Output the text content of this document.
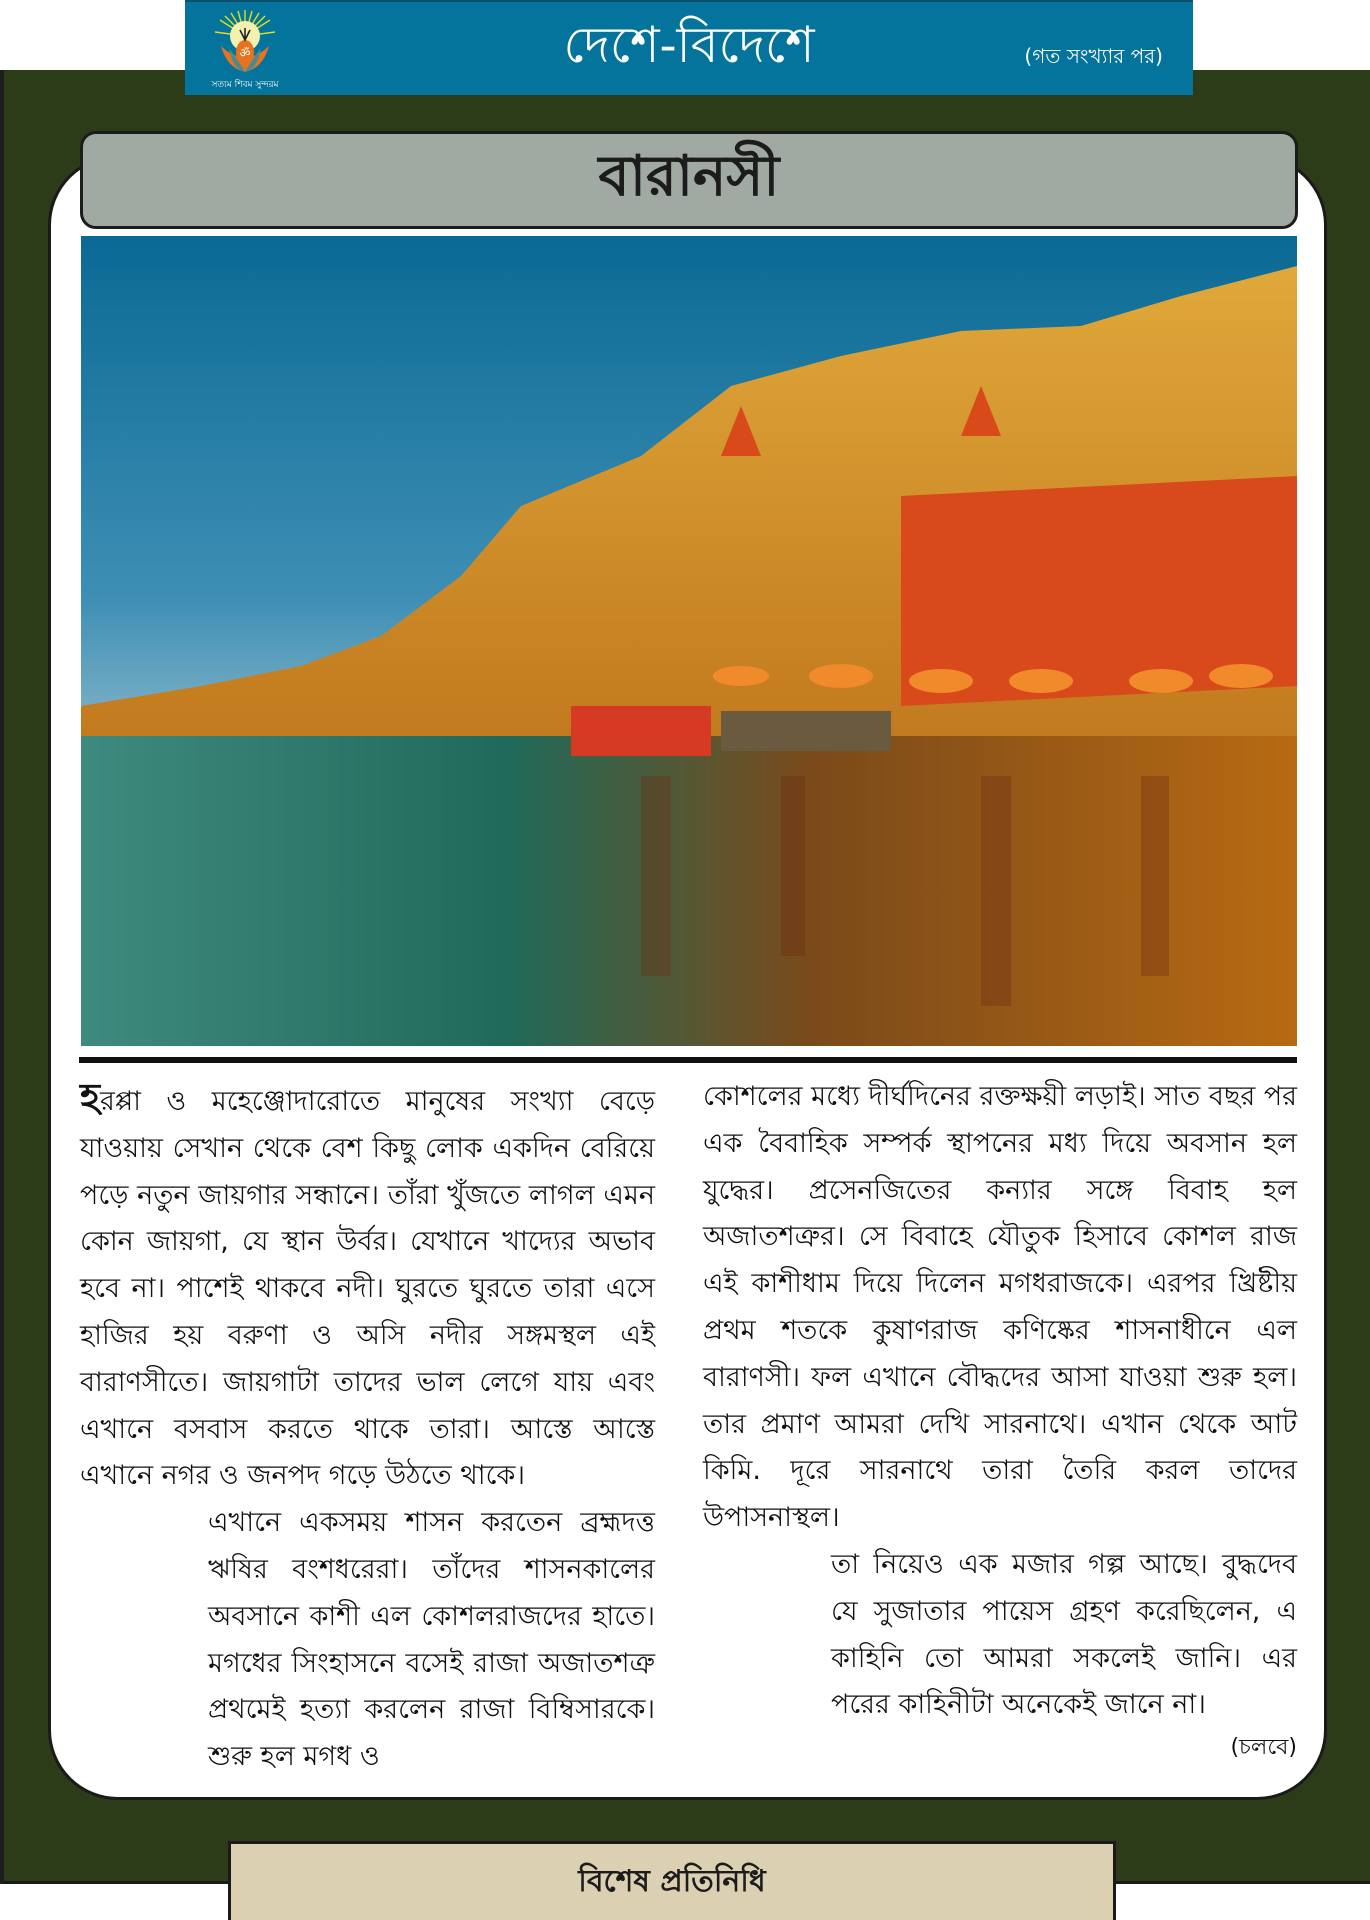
ॐ
সত্যম শিবম সুন্দরম
দেশে-বিদেশে	(গত সংখ্যার পর)
বারানসী

হরপ্পা ও মহেঞ্জোদারোতে মানুষের সংখ্যা বেড়ে যাওয়ায় সেখান থেকে বেশ কিছু লোক একদিন বেরিয়ে পড়ে নতুন জায়গার সন্ধানে। তাঁরা খুঁজতে লাগল এমন কোন জায়গা, যে স্থান উর্বর। যেখানে খাদ্যের অভাব হবে না। পাশেই থাকবে নদী। ঘুরতে ঘুরতে তারা এসে হাজির হয় বরুণা ও অসি নদীর সঙ্গমস্থল এই বারাণসীতে। জায়গাটা তাদের ভাল লেগে যায় এবং এখানে বসবাস করতে থাকে তারা। আস্তে আস্তে এখানে নগর ও জনপদ গড়ে উঠতে থাকে।

এখানে একসময় শাসন করতেন ব্রহ্মদত্ত ঋষির বংশধরেরা। তাঁদের শাসনকালের অবসানে কাশী এল কোশলরাজদের হাতে। মগধের সিংহাসনে বসেই রাজা অজাতশত্রু প্রথমেই হত্যা করলেন রাজা বিম্বিসারকে। শুরু হল মগধ ও

কোশলের মধ্যে দীর্ঘদিনের রক্তক্ষয়ী লড়াই। সাত বছর পর এক বৈবাহিক সম্পর্ক স্থাপনের মধ্য দিয়ে অবসান হল যুদ্ধের। প্রসেনজিতের কন্যার সঙ্গে বিবাহ হল অজাতশত্রুর। সে বিবাহে যৌতুক হিসাবে কোশল রাজ এই কাশীধাম দিয়ে দিলেন মগধরাজকে। এরপর খ্রিষ্টীয় প্রথম শতকে কুষাণরাজ কণিষ্কের শাসনাধীনে এল বারাণসী। ফল এখানে বৌদ্ধদের আসা যাওয়া শুরু হল। তার প্রমাণ আমরা দেখি সারনাথে। এখান থেকে আট কিমি. দূরে সারনাথে তারা তৈরি করল তাদের উপাসনাস্থল।

তা নিয়েও এক মজার গল্প আছে। বুদ্ধদেব যে সুজাতার পায়েস গ্রহণ করেছিলেন, এ কাহিনি তো আমরা সকলেই জানি। এর পরের কাহিনীটা অনেকেই জানে না।

(চলবে)
বিশেষ প্রতিনিধি
